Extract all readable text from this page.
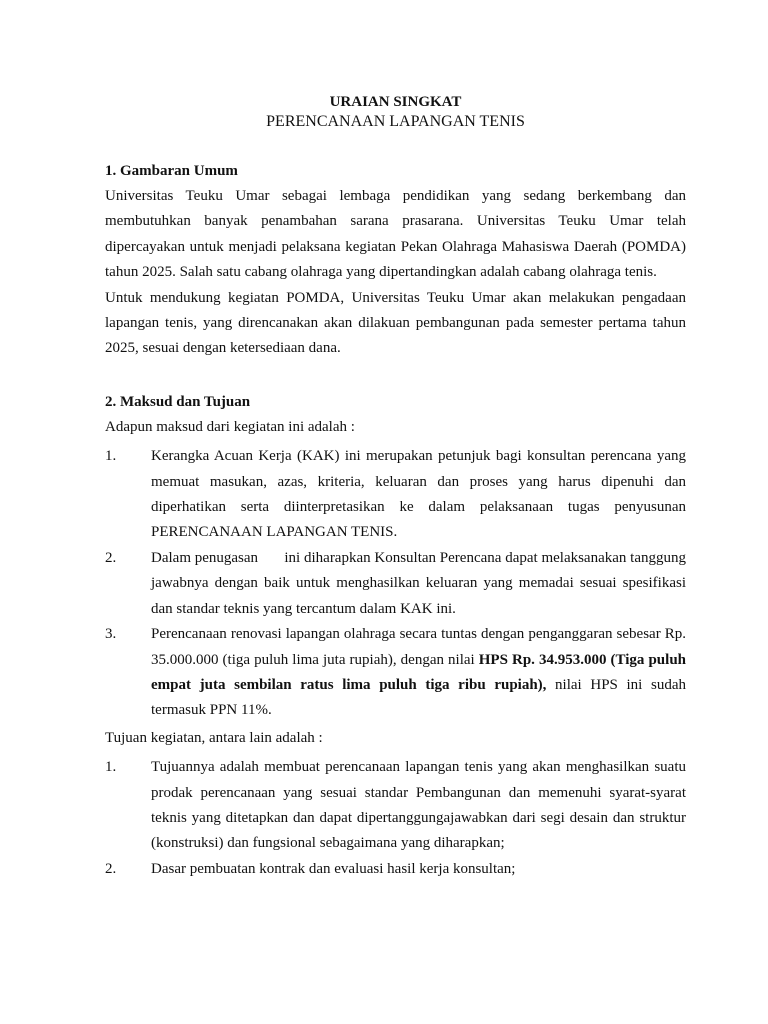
URAIAN SINGKAT
PERENCANAAN LAPANGAN TENIS
1. Gambaran Umum

Universitas Teuku Umar sebagai lembaga pendidikan yang sedang berkembang dan membutuhkan banyak penambahan sarana prasarana. Universitas Teuku Umar telah dipercayakan untuk menjadi pelaksana kegiatan Pekan Olahraga Mahasiswa Daerah (POMDA) tahun 2025. Salah satu cabang olahraga yang dipertandingkan adalah cabang olahraga tenis.

Untuk mendukung kegiatan POMDA, Universitas Teuku Umar akan melakukan pengadaan lapangan tenis, yang direncanakan akan dilakuan pembangunan pada semester pertama tahun 2025, sesuai dengan ketersediaan dana.

2. Maksud dan Tujuan

Adapun maksud dari kegiatan ini adalah :

1. Kerangka Acuan Kerja (KAK) ini merupakan petunjuk bagi konsultan perencana yang memuat masukan, azas, kriteria, keluaran dan proses yang harus dipenuhi dan diperhatikan serta diinterpretasikan ke dalam pelaksanaan tugas penyusunan PERENCANAAN LAPANGAN TENIS.
2. Dalam penugasan       ini diharapkan Konsultan Perencana dapat melaksanakan tanggung jawabnya dengan baik untuk menghasilkan keluaran yang memadai sesuai spesifikasi dan standar teknis yang tercantum dalam KAK ini.
3. Perencanaan renovasi lapangan olahraga secara tuntas dengan penganggaran sebesar Rp. 35.000.000 (tiga puluh lima juta rupiah), dengan nilai HPS Rp. 34.953.000 (Tiga puluh empat juta sembilan ratus lima puluh tiga ribu rupiah), nilai HPS ini sudah termasuk PPN 11%.

Tujuan kegiatan, antara lain adalah :

1. Tujuannya adalah membuat perencanaan lapangan tenis yang akan menghasilkan suatu prodak perencanaan yang sesuai standar Pembangunan dan memenuhi syarat-syarat teknis yang ditetapkan dan dapat dipertanggungajawabkan dari segi desain dan struktur (konstruksi) dan fungsional sebagaimana yang diharapkan;
2. Dasar pembuatan kontrak dan evaluasi hasil kerja konsultan;
